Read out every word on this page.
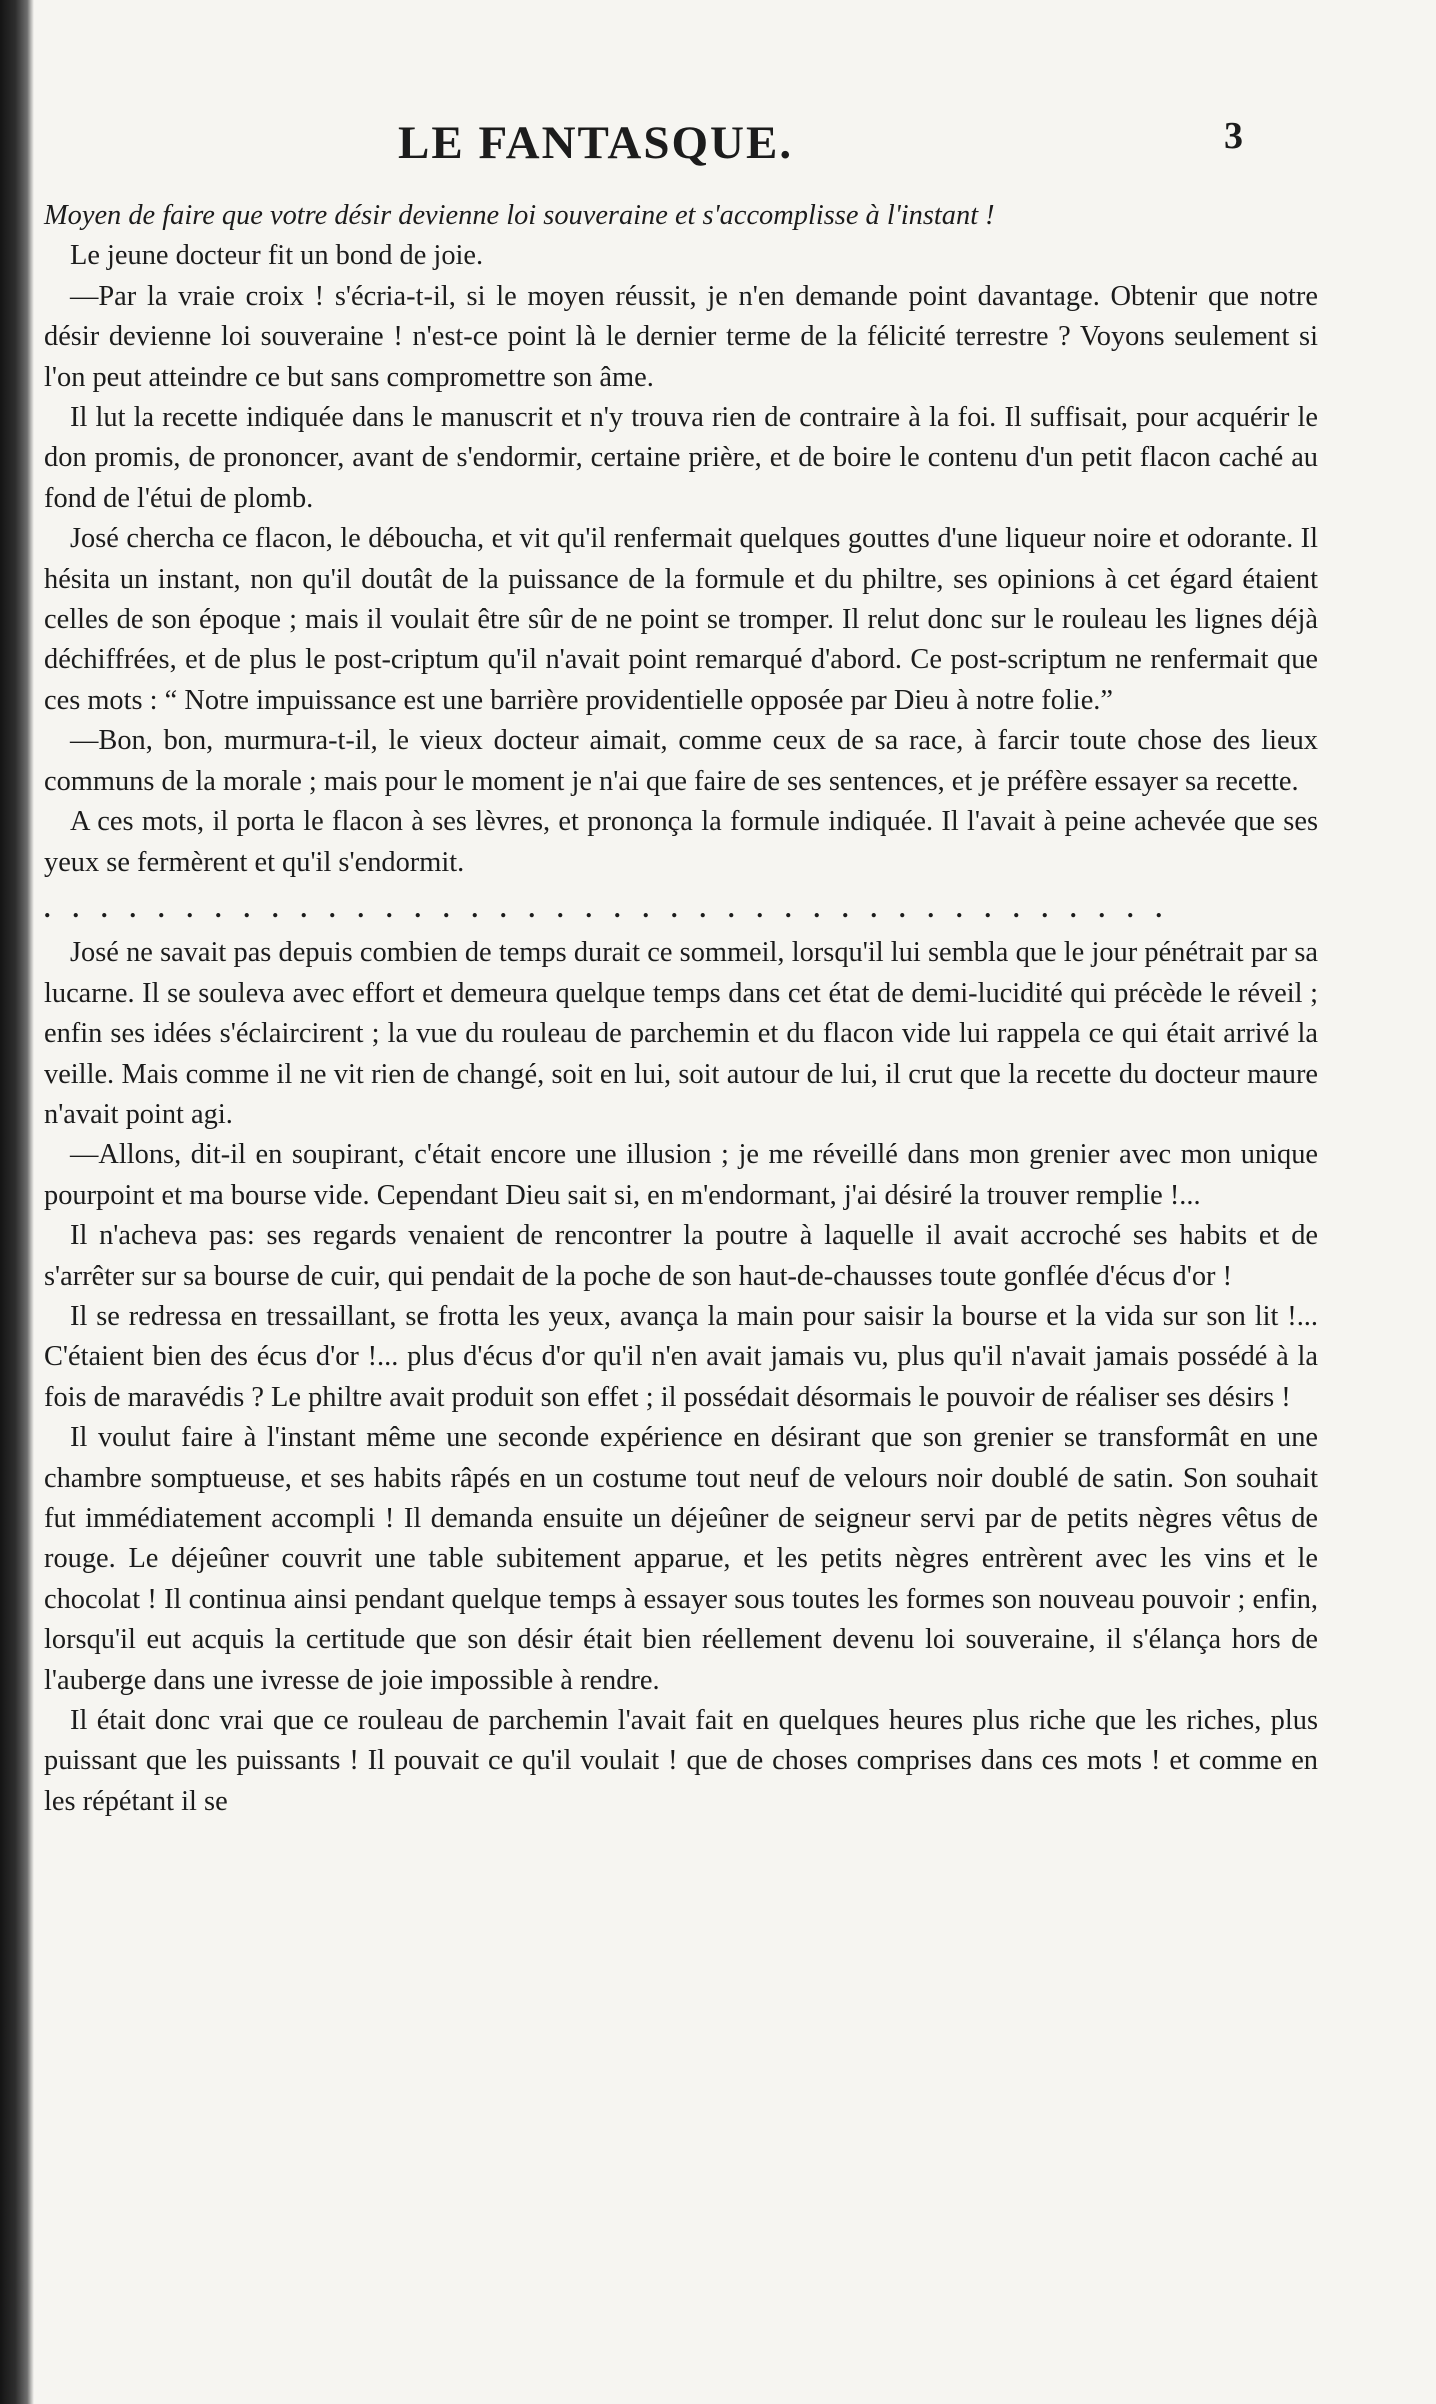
LE FANTASQUE.	3

Moyen de faire que votre désir devienne loi souveraine et s'accomplisse à l'instant !

Le jeune docteur fit un bond de joie.

—Par la vraie croix ! s'écria-t-il, si le moyen réussit, je n'en demande point davantage. Obtenir que notre désir devienne loi souveraine ! n'est-ce point là le dernier terme de la félicité terrestre ? Voyons seulement si l'on peut atteindre ce but sans compromettre son âme.

Il lut la recette indiquée dans le manuscrit et n'y trouva rien de contraire à la foi. Il suffisait, pour acquérir le don promis, de prononcer, avant de s'endormir, certaine prière, et de boire le contenu d'un petit flacon caché au fond de l'étui de plomb.

José chercha ce flacon, le déboucha, et vit qu'il renfermait quelques gouttes d'une liqueur noire et odorante. Il hésita un instant, non qu'il doutât de la puissance de la formule et du philtre, ses opinions à cet égard étaient celles de son époque ; mais il voulait être sûr de ne point se tromper. Il relut donc sur le rouleau les lignes déjà déchiffrées, et de plus le post-criptum qu'il n'avait point remarqué d'abord. Ce post-scriptum ne renfermait que ces mots : “ Notre impuissance est une barrière providentielle opposée par Dieu à notre folie.”

—Bon, bon, murmura-t-il, le vieux docteur aimait, comme ceux de sa race, à farcir toute chose des lieux communs de la morale ; mais pour le moment je n'ai que faire de ses sentences, et je préfère essayer sa recette.

A ces mots, il porta le flacon à ses lèvres, et prononça la formule indiquée. Il l'avait à peine achevée que ses yeux se fermèrent et qu'il s'endormit.

........................................

José ne savait pas depuis combien de temps durait ce sommeil, lorsqu'il lui sembla que le jour pénétrait par sa lucarne. Il se souleva avec effort et demeura quelque temps dans cet état de demi-lucidité qui précède le réveil ; enfin ses idées s'éclaircirent ; la vue du rouleau de parchemin et du flacon vide lui rappela ce qui était arrivé la veille. Mais comme il ne vit rien de changé, soit en lui, soit autour de lui, il crut que la recette du docteur maure n'avait point agi.

—Allons, dit-il en soupirant, c'était encore une illusion ; je me réveillé dans mon grenier avec mon unique pourpoint et ma bourse vide. Cependant Dieu sait si, en m'endormant, j'ai désiré la trouver remplie !...

Il n'acheva pas: ses regards venaient de rencontrer la poutre à laquelle il avait accroché ses habits et de s'arrêter sur sa bourse de cuir, qui pendait de la poche de son haut-de-chausses toute gonflée d'écus d'or !

Il se redressa en tressaillant, se frotta les yeux, avança la main pour saisir la bourse et la vida sur son lit !... C'étaient bien des écus d'or !... plus d'écus d'or qu'il n'en avait jamais vu, plus qu'il n'avait jamais possédé à la fois de maravédis ? Le philtre avait produit son effet ; il possédait désormais le pouvoir de réaliser ses désirs !

Il voulut faire à l'instant même une seconde expérience en désirant que son grenier se transformât en une chambre somptueuse, et ses habits râpés en un costume tout neuf de velours noir doublé de satin. Son souhait fut immédiatement accompli ! Il demanda ensuite un déjeûner de seigneur servi par de petits nègres vêtus de rouge. Le déjeûner couvrit une table subitement apparue, et les petits nègres entrèrent avec les vins et le chocolat ! Il continua ainsi pendant quelque temps à essayer sous toutes les formes son nouveau pouvoir ; enfin, lorsqu'il eut acquis la certitude que son désir était bien réellement devenu loi souveraine, il s'élança hors de l'auberge dans une ivresse de joie impossible à rendre.

Il était donc vrai que ce rouleau de parchemin l'avait fait en quelques heures plus riche que les riches, plus puissant que les puissants ! Il pouvait ce qu'il voulait ! que de choses comprises dans ces mots ! et comme en les répétant il se
